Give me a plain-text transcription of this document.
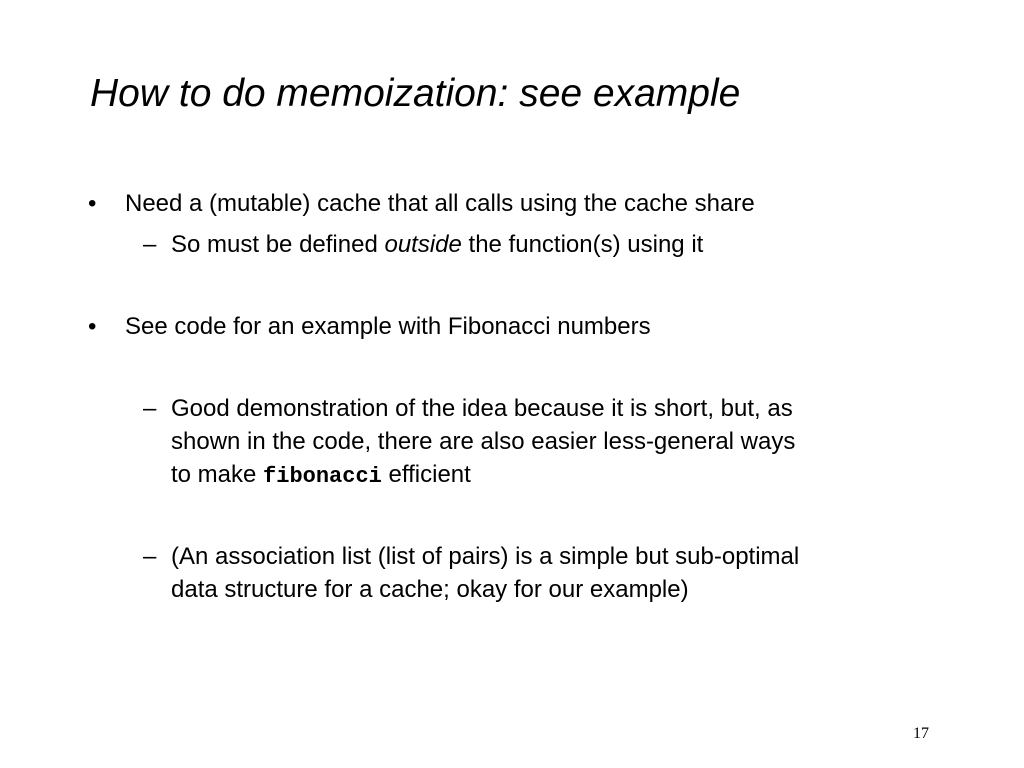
How to do memoization: see example
• Need a (mutable) cache that all calls using the cache share
– So must be defined outside the function(s) using it
• See code for an example with Fibonacci numbers
– Good demonstration of the idea because it is short, but, as
shown in the code, there are also easier less-general ways
to make fibonacci efficient
– (An association list (list of pairs) is a simple but sub-optimal
data structure for a cache; okay for our example)
17
